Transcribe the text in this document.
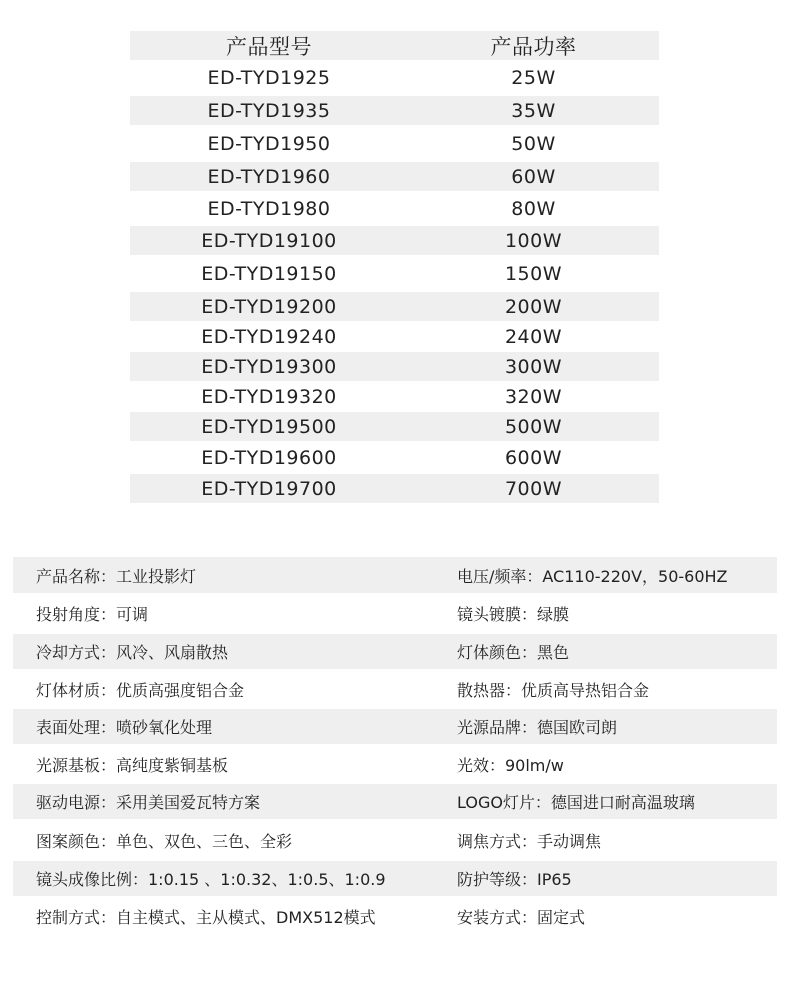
产品型号	产品功率
ED-TYD1925	25W
ED-TYD1935	35W
ED-TYD1950	50W
ED-TYD1960	60W
ED-TYD1980	80W
ED-TYD19100	100W
ED-TYD19150	150W
ED-TYD19200	200W
ED-TYD19240	240W
ED-TYD19300	300W
ED-TYD19320	320W
ED-TYD19500	500W
ED-TYD19600	600W
ED-TYD19700	700W
产品名称：工业投影灯	电压/频率：AC110-220V，50-60HZ
投射角度：可调	镜头镀膜：绿膜
冷却方式：风冷、风扇散热	灯体颜色：黑色
灯体材质：优质高强度铝合金	散热器：优质高导热铝合金
表面处理：喷砂氧化处理	光源品牌：德国欧司朗
光源基板：高纯度紫铜基板	光效：90lm/w
驱动电源：采用美国爱瓦特方案	LOGO灯片：德国进口耐高温玻璃
图案颜色：单色、双色、三色、全彩	调焦方式：手动调焦
镜头成像比例：1:0.15 、1:0.32、1:0.5、1:0.9	防护等级：IP65
控制方式：自主模式、主从模式、DMX512模式	安装方式：固定式
